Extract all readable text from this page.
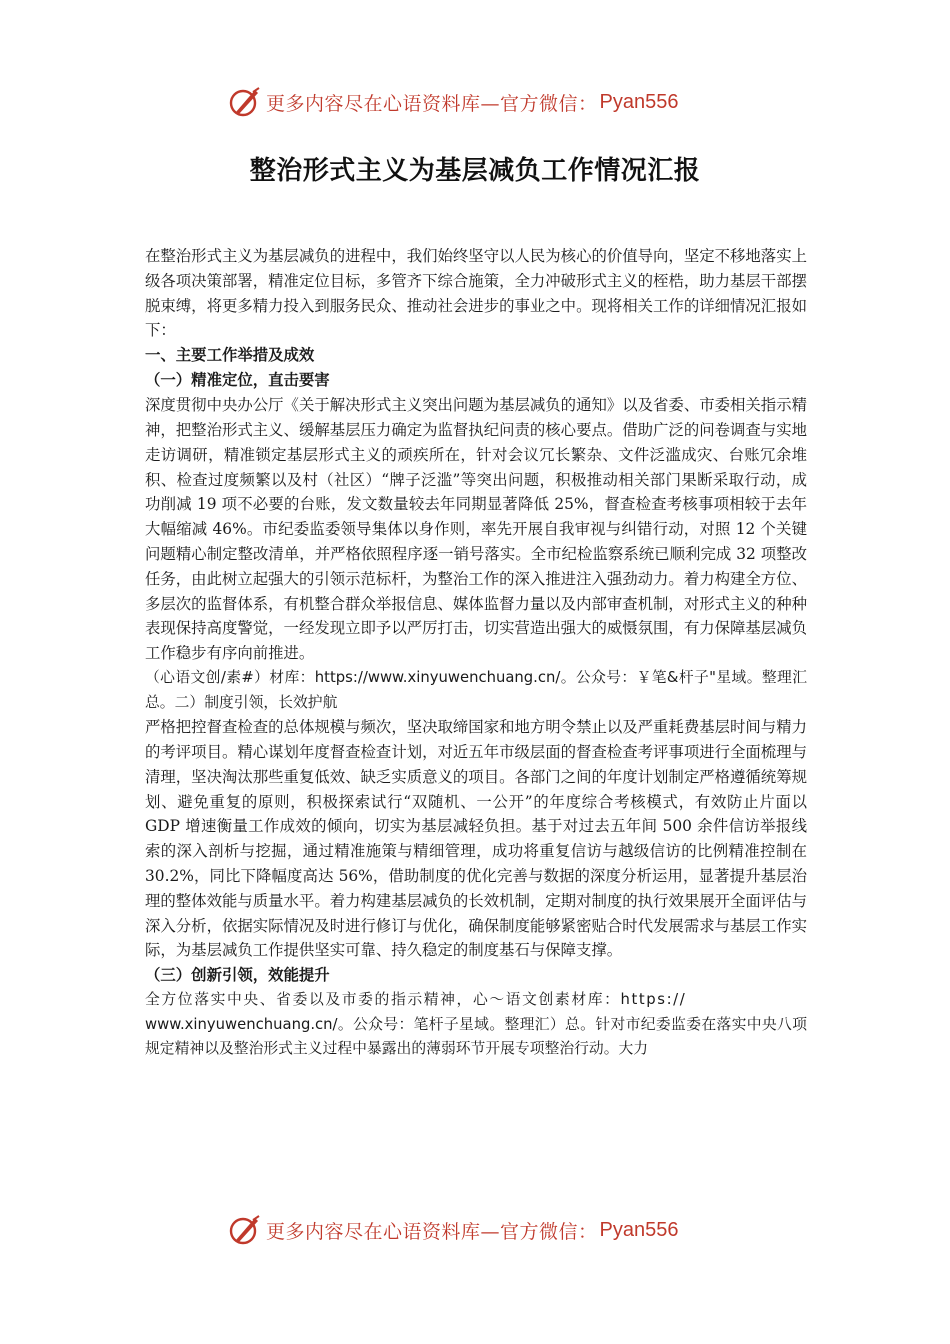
更多内容尽在心语资料库—官方微信： Pyan556
整治形式主义为基层减负工作情况汇报

在整治形式主义为基层减负的进程中，我们始终坚守以人民为核心的价值导向，坚定不移地落实上级各项决策部署，精准定位目标，多管齐下综合施策，全力冲破形式主义的桎梏，助力基层干部摆脱束缚，将更多精力投入到服务民众、推动社会进步的事业之中。现将相关工作的详细情况汇报如下：

一、主要工作举措及成效

（一）精准定位，直击要害

深度贯彻中央办公厅《关于解决形式主义突出问题为基层减负的通知》以及省委、市委相关指示精神，把整治形式主义、缓解基层压力确定为监督执纪问责的核心要点。借助广泛的问卷调查与实地走访调研，精准锁定基层形式主义的顽疾所在，针对会议冗长繁杂、文件泛滥成灾、台账冗余堆积、检查过度频繁以及村（社区）“牌子泛滥”等突出问题，积极推动相关部门果断采取行动，成功削减 19 项不必要的台账，发文数量较去年同期显著降低 25%，督查检查考核事项相较于去年大幅缩减 46%。市纪委监委领导集体以身作则，率先开展自我审视与纠错行动，对照 12 个关键问题精心制定整改清单，并严格依照程序逐一销号落实。全市纪检监察系统已顺利完成 32 项整改任务，由此树立起强大的引领示范标杆，为整治工作的深入推进注入强劲动力。着力构建全方位、多层次的监督体系，有机整合群众举报信息、媒体监督力量以及内部审查机制，对形式主义的种种表现保持高度警觉，一经发现立即予以严厉打击，切实营造出强大的威慑氛围，有力保障基层减负工作稳步有序向前推进。

（心语文创/素#）材库：https://www.xinyuwenchuang.cn/。公众号：￥笔&杆子"星域。整理汇总。二）制度引领，长效护航

严格把控督查检查的总体规模与频次，坚决取缔国家和地方明令禁止以及严重耗费基层时间与精力的考评项目。精心谋划年度督查检查计划，对近五年市级层面的督查检查考评事项进行全面梳理与清理，坚决淘汰那些重复低效、缺乏实质意义的项目。各部门之间的年度计划制定严格遵循统筹规划、避免重复的原则，积极探索试行“双随机、一公开”的年度综合考核模式，有效防止片面以 GDP 增速衡量工作成效的倾向，切实为基层减轻负担。基于对过去五年间 500 余件信访举报线索的深入剖析与挖掘，通过精准施策与精细管理，成功将重复信访与越级信访的比例精准控制在 30.2%，同比下降幅度高达 56%，借助制度的优化完善与数据的深度分析运用，显著提升基层治理的整体效能与质量水平。着力构建基层减负的长效机制，定期对制度的执行效果展开全面评估与深入分析，依据实际情况及时进行修订与优化，确保制度能够紧密贴合时代发展需求与基层工作实际，为基层减负工作提供坚实可靠、持久稳定的制度基石与保障支撑。

（三）创新引领，效能提升

全方位落实中央、省委以及市委的指示精神，心～语文创素材库：https://

www.xinyuwenchuang.cn/。公众号：笔杆子星域。整理汇）总。针对市纪委监委在落实中央八项规定精神以及整治形式主义过程中暴露出的薄弱环节开展专项整治行动。大力

更多内容尽在心语资料库—官方微信： Pyan556
